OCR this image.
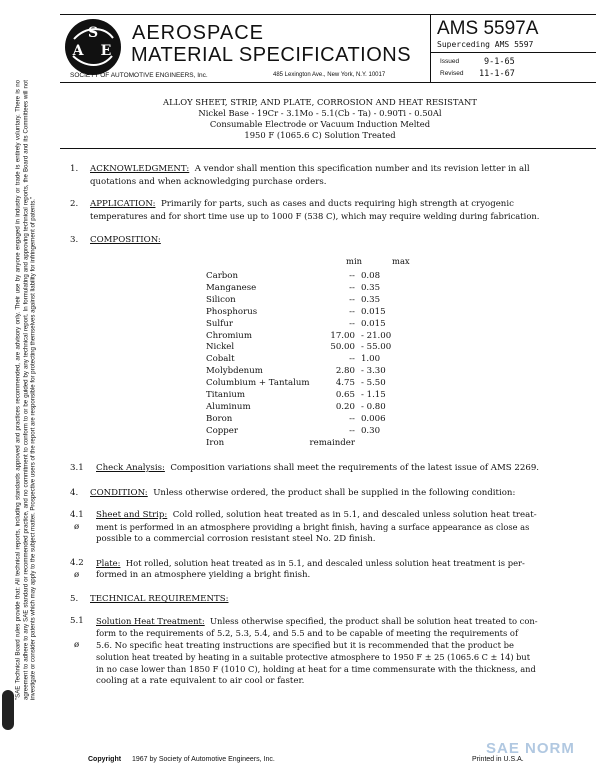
S
A E
AEROSPACE
MATERIAL SPECIFICATIONS
SOCIETY OF AUTOMOTIVE ENGINEERS, Inc.	485 Lexington Ave., New York, N.Y. 10017
AMS 5597A
Superceding AMS 5597
Issued	9-1-65
Revised 11-1-67
ALLOY SHEET, STRIP, AND PLATE, CORROSION AND HEAT RESISTANT
Nickel Base - 19Cr - 3.1Mo - 5.1(Cb - Ta) - 0.90Ti - 0.50Al
Consumable Electrode or Vacuum Induction Melted
1950 F (1065.6 C) Solution Treated
"SAE Technical Board rules provide that: All technical reports, including standards approved and practices recommended, are advisory only. Their use by anyone engaged in industry or trade is entirely voluntary. There is no agreement to adhere to any SAE standard or recommended practice, and no commitment to conform to or be guided by any technical report. In formulating and approving technical reports, the Board and its Committees will not investigate or consider patents which may apply to the subject matter. Prospective users of the report are responsible for protecting themselves against liability for infringement of patents."
1. ACKNOWLEDGMENT: A vendor shall mention this specification number and its revision letter in all
quotations and when acknowledging purchase orders.
2. APPLICATION: Primarily for parts, such as cases and ducts requiring high strength at cryogenic
temperatures and for short time use up to 1000 F (538 C), which may require welding during fabrication.
3. COMPOSITION:
min	max
Carbon	--	0.08
Manganese	--	0.35
Silicon	--	0.35
Phosphorus	--	0.015
Sulfur	--	0.015
Chromium	17.00	- 21.00
Nickel	50.00	- 55.00
Cobalt	--	1.00
Molybdenum	2.80	- 3.30
Columbium + Tantalum	4.75	- 5.50
Titanium	0.65	- 1.15
Aluminum	0.20	- 0.80
Boron	--	0.006
Copper	--	0.30
Iron	remainder	
3.1 Check Analysis: Composition variations shall meet the requirements of the latest issue of AMS 2269.
4. CONDITION: Unless otherwise ordered, the product shall be supplied in the following condition:
4.1
ø
Sheet and Strip: Cold rolled, solution heat treated as in 5.1, and descaled unless solution heat treat-
ment is performed in an atmosphere providing a bright finish, having a surface appearance as close as
possible to a commercial corrosion resistant steel No. 2D finish.
4.2
ø
Plate: Hot rolled, solution heat treated as in 5.1, and descaled unless solution heat treatment is per-
formed in an atmosphere yielding a bright finish.
5. TECHNICAL REQUIREMENTS:
5.1
ø
Solution Heat Treatment: Unless otherwise specified, the product shall be solution heat treated to con-
form to the requirements of 5.2, 5.3, 5.4, and 5.5 and to be capable of meeting the requirements of
5.6. No specific heat treating instructions are specified but it is recommended that the product be
solution heat treated by heating in a suitable protective atmosphere to 1950 F ± 25 (1065.6 C ± 14) but
in no case lower than 1850 F (1010 C), holding at heat for a time commensurate with the thickness, and
cooling at a rate equivalent to air cool or faster.
Copyright 1967 by Society of Automotive Engineers, Inc.	Printed in U.S.A.
SAE NORM
